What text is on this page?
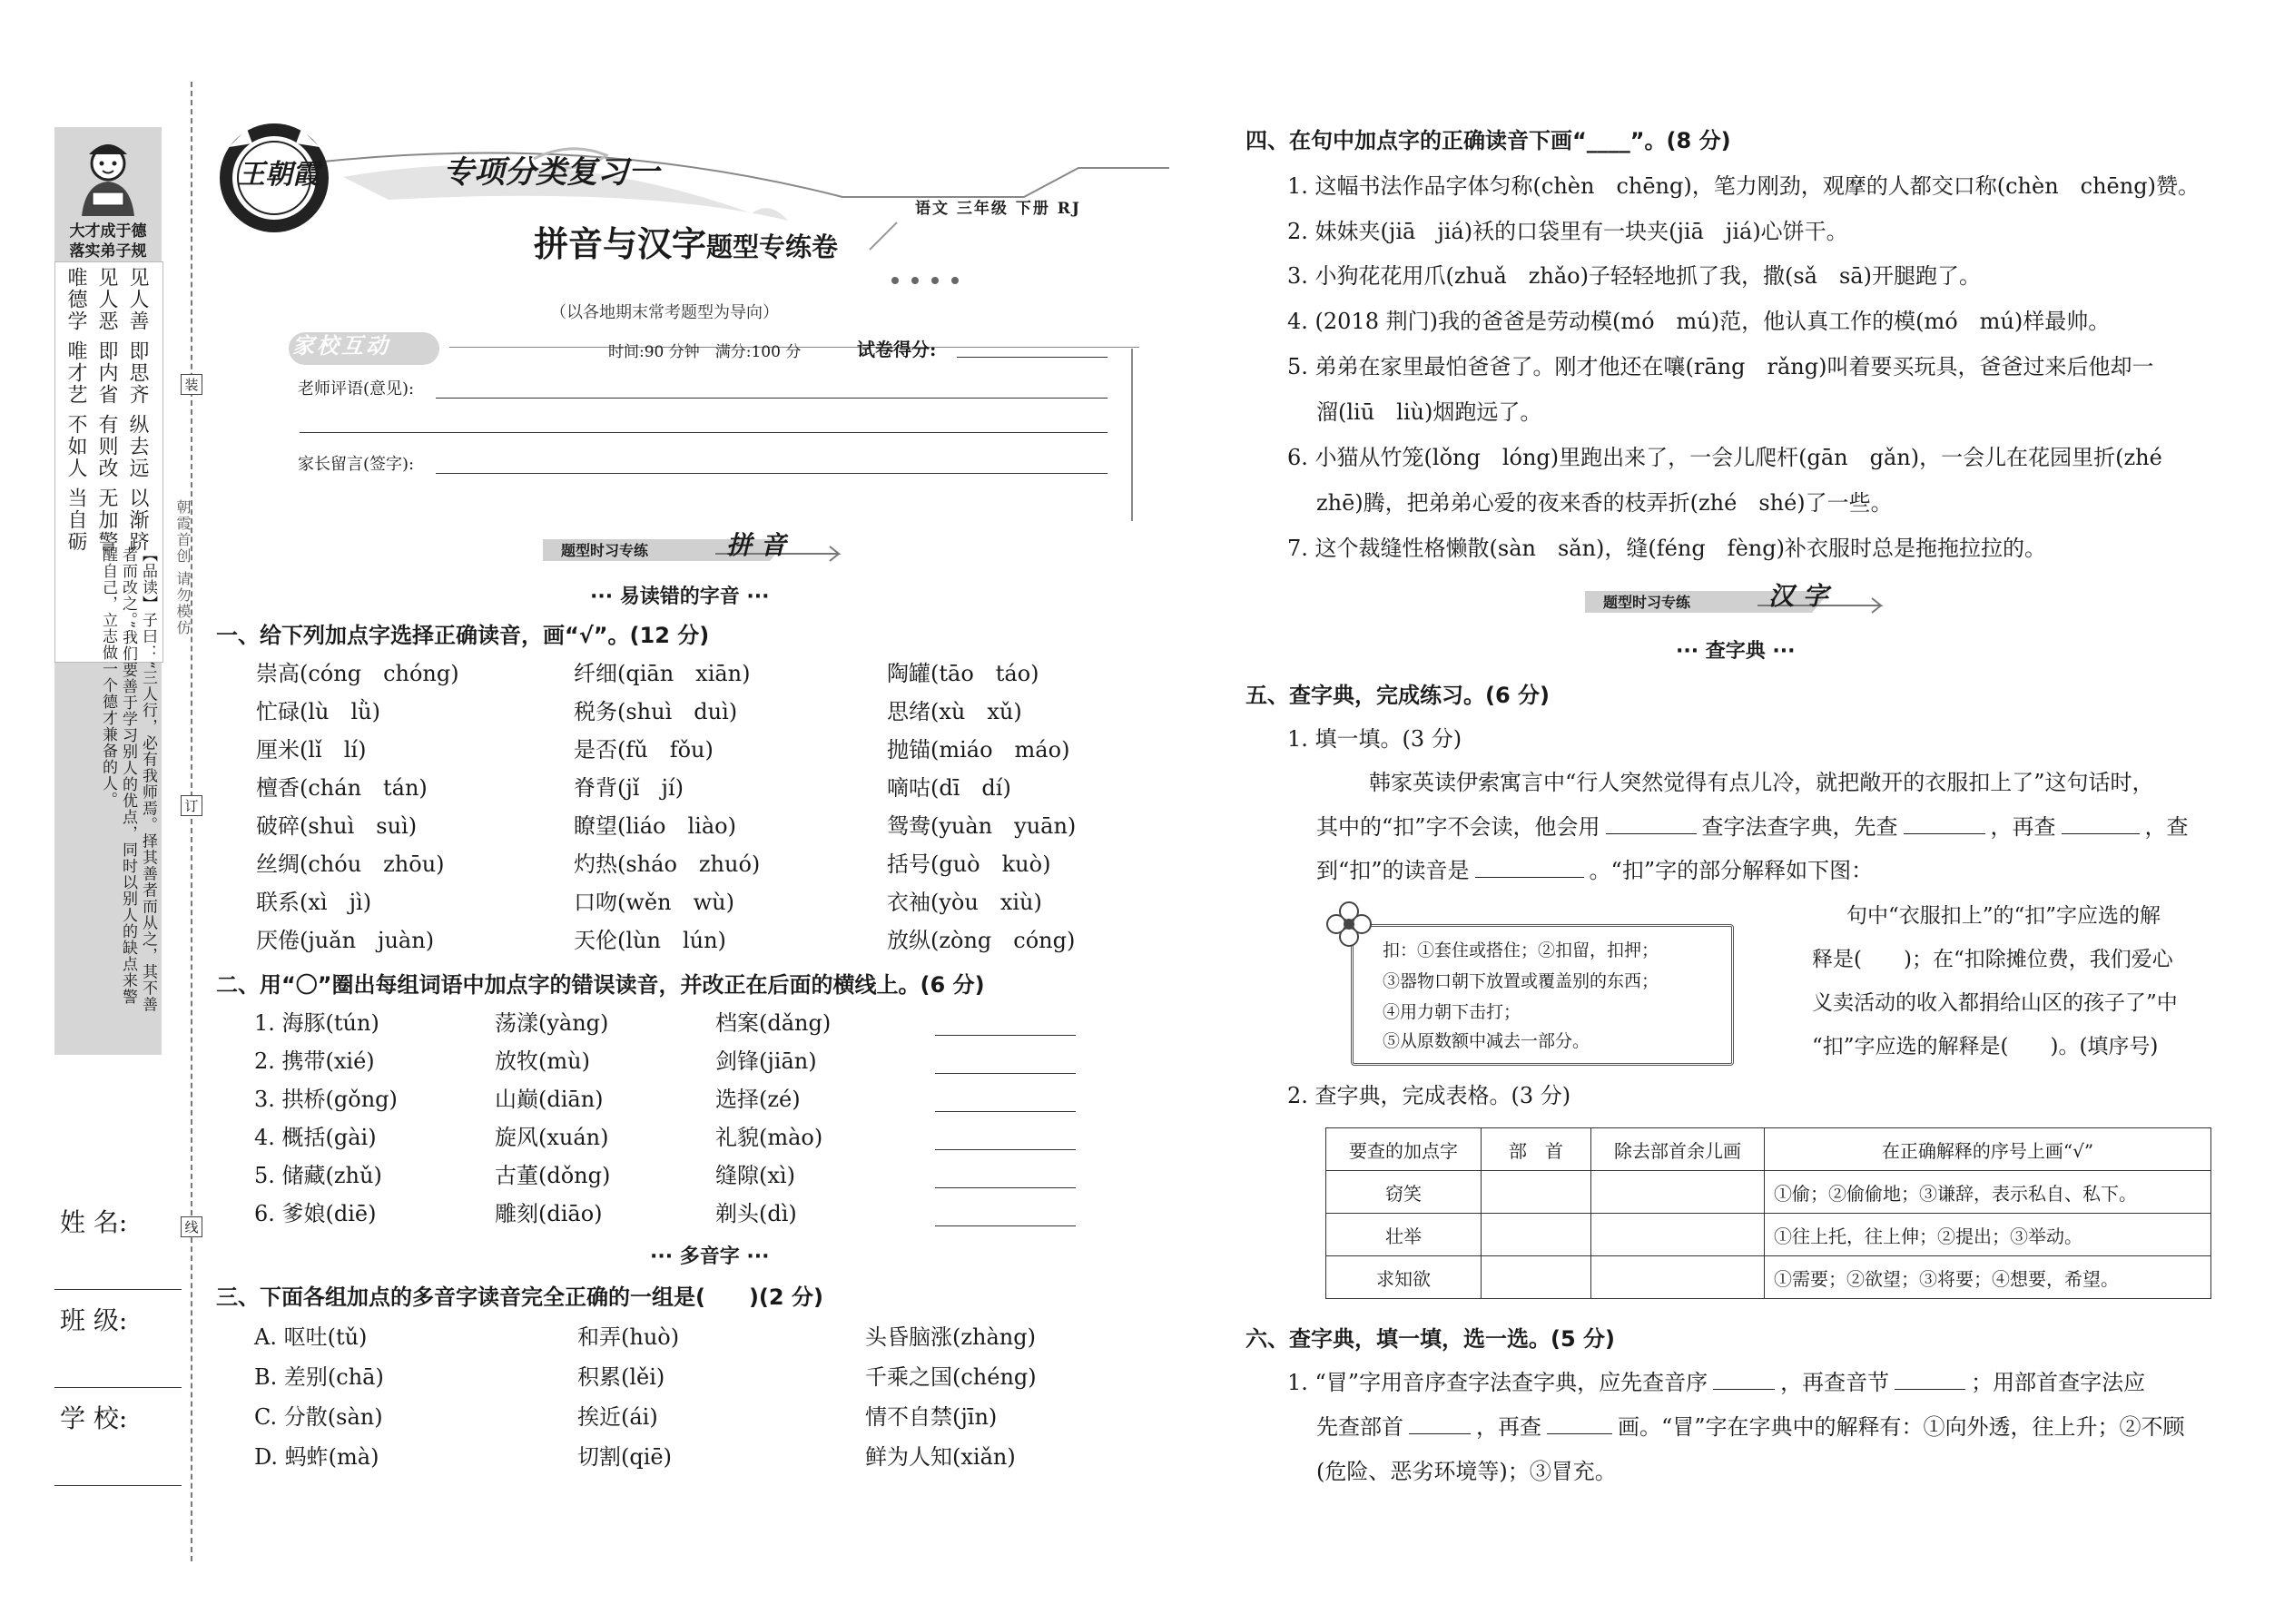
大才成于德
落实弟子规
见人善 即思齐 纵去远 以渐跻
见人恶 即内省 有则改 无加警
唯德学 唯才艺 不如人 当自砺
【品读】子曰：“三人行，必有我师焉。择其善者而从之，其不善者而改之。”我们要善于学习别人的优点，同时以别人的缺点来警醒自己，立志做一个德才兼备的人。
姓 名:
班 级:
学 校:
装
订
线
朝霞首创 请勿模仿
王朝霞	专项分类复习一
拼音与汉字题型专练卷
语文 三年级 下册 RJ
（以各地期末常考题型为导向）
家校互动	时间:90 分钟　满分:100 分	试卷得分:
老师评语(意见):
家长留言(签字):
题型时习专练	拼 音
··· 易读错的字音 ···
一、给下列加点字选择正确读音，画“√”。(12 分)
崇高(cóng　chóng)	纤细(qiān　xiān)	陶罐(tāo　táo)
忙碌(lù　lǜ)	税务(shuì　duì)	思绪(xù　xǔ)
厘米(lǐ　lí)	是否(fǔ　fǒu)	抛锚(miáo　máo)
檀香(chán　tán)	脊背(jǐ　jí)	嘀咕(dī　dí)
破碎(shuì　suì)	瞭望(liáo　liào)	鸳鸯(yuàn　yuān)
丝绸(chóu　zhōu)	灼热(sháo　zhuó)	括号(guò　kuò)
联系(xì　jì)	口吻(wěn　wù)	衣袖(yòu　xiù)
厌倦(juǎn　juàn)	天伦(lùn　lún)	放纵(zòng　cóng)
二、用“〇”圈出每组词语中加点字的错误读音，并改正在后面的横线上。(6 分)
1. 海豚(tún)	荡漾(yàng)	档案(dǎng)
2. 携带(xié)	放牧(mù)	剑锋(jiān)
3. 拱桥(gǒng)	山巅(diān)	选择(zé)
4. 概括(gài)	旋风(xuán)	礼貌(mào)
5. 储藏(zhǔ)	古董(dǒng)	缝隙(xì)
6. 爹娘(diē)	雕刻(diāo)	剃头(dì)
··· 多音字 ···
三、下面各组加点的多音字读音完全正确的一组是(　　)(2 分)
A. 呕吐(tǔ)	和弄(huò)	头昏脑涨(zhàng)
B. 差别(chā)	积累(lěi)	千乘之国(chéng)
C. 分散(sàn)	挨近(ái)	情不自禁(jīn)
D. 蚂蚱(mà)	切割(qiē)	鲜为人知(xiǎn)
四、在句中加点字的正确读音下画“____”。(8 分)
1. 这幅书法作品字体匀称(chèn　chēng)，笔力刚劲，观摩的人都交口称(chèn　chēng)赞。
2. 妹妹夹(jiā　jiá)袄的口袋里有一块夹(jiā　jiá)心饼干。
3. 小狗花花用爪(zhuǎ　zhǎo)子轻轻地抓了我，撒(sǎ　sā)开腿跑了。
4. (2018 荆门)我的爸爸是劳动模(mó　mú)范，他认真工作的模(mó　mú)样最帅。
5. 弟弟在家里最怕爸爸了。刚才他还在嚷(rāng　rǎng)叫着要买玩具，爸爸过来后他却一
溜(liū　liù)烟跑远了。
6. 小猫从竹笼(lǒng　lóng)里跑出来了，一会儿爬杆(gān　gǎn)，一会儿在花园里折(zhé
zhē)腾，把弟弟心爱的夜来香的枝弄折(zhé　shé)了一些。
7. 这个裁缝性格懒散(sàn　sǎn)，缝(féng　fèng)补衣服时总是拖拖拉拉的。
题型时习专练	汉 字
··· 查字典 ···
五、查字典，完成练习。(6 分)
1. 填一填。(3 分)
韩家英读伊索寓言中“行人突然觉得有点儿冷，就把敞开的衣服扣上了”这句话时，
其中的“扣”字不会读，他会用	查字法查字典，先查	，再查	，查
到“扣”的读音是	。“扣”字的部分解释如下图：
扣：①套住或搭住；②扣留，扣押；
③器物口朝下放置或覆盖别的东西；
④用力朝下击打；
⑤从原数额中减去一部分。
句中“衣服扣上”的“扣”字应选的解
释是(　　)；在“扣除摊位费，我们爱心
义卖活动的收入都捐给山区的孩子了”中
“扣”字应选的解释是(　　)。(填序号)
2. 查字典，完成表格。(3 分)
要查的加点字	部　首	除去部首余儿画	在正确解释的序号上画“√”
窃笑			①偷；②偷偷地；③谦辞，表示私自、私下。
壮举			①往上托，往上伸；②提出；③举动。
求知欲			①需要；②欲望；③将要；④想要，希望。
六、查字典，填一填，选一选。(5 分)
1. “冒”字用音序查字法查字典，应先查音序	，再查音节	；用部首查字法应
先查部首	，再查	画。“冒”字在字典中的解释有：①向外透，往上升；②不顾
(危险、恶劣环境等)；③冒充。
